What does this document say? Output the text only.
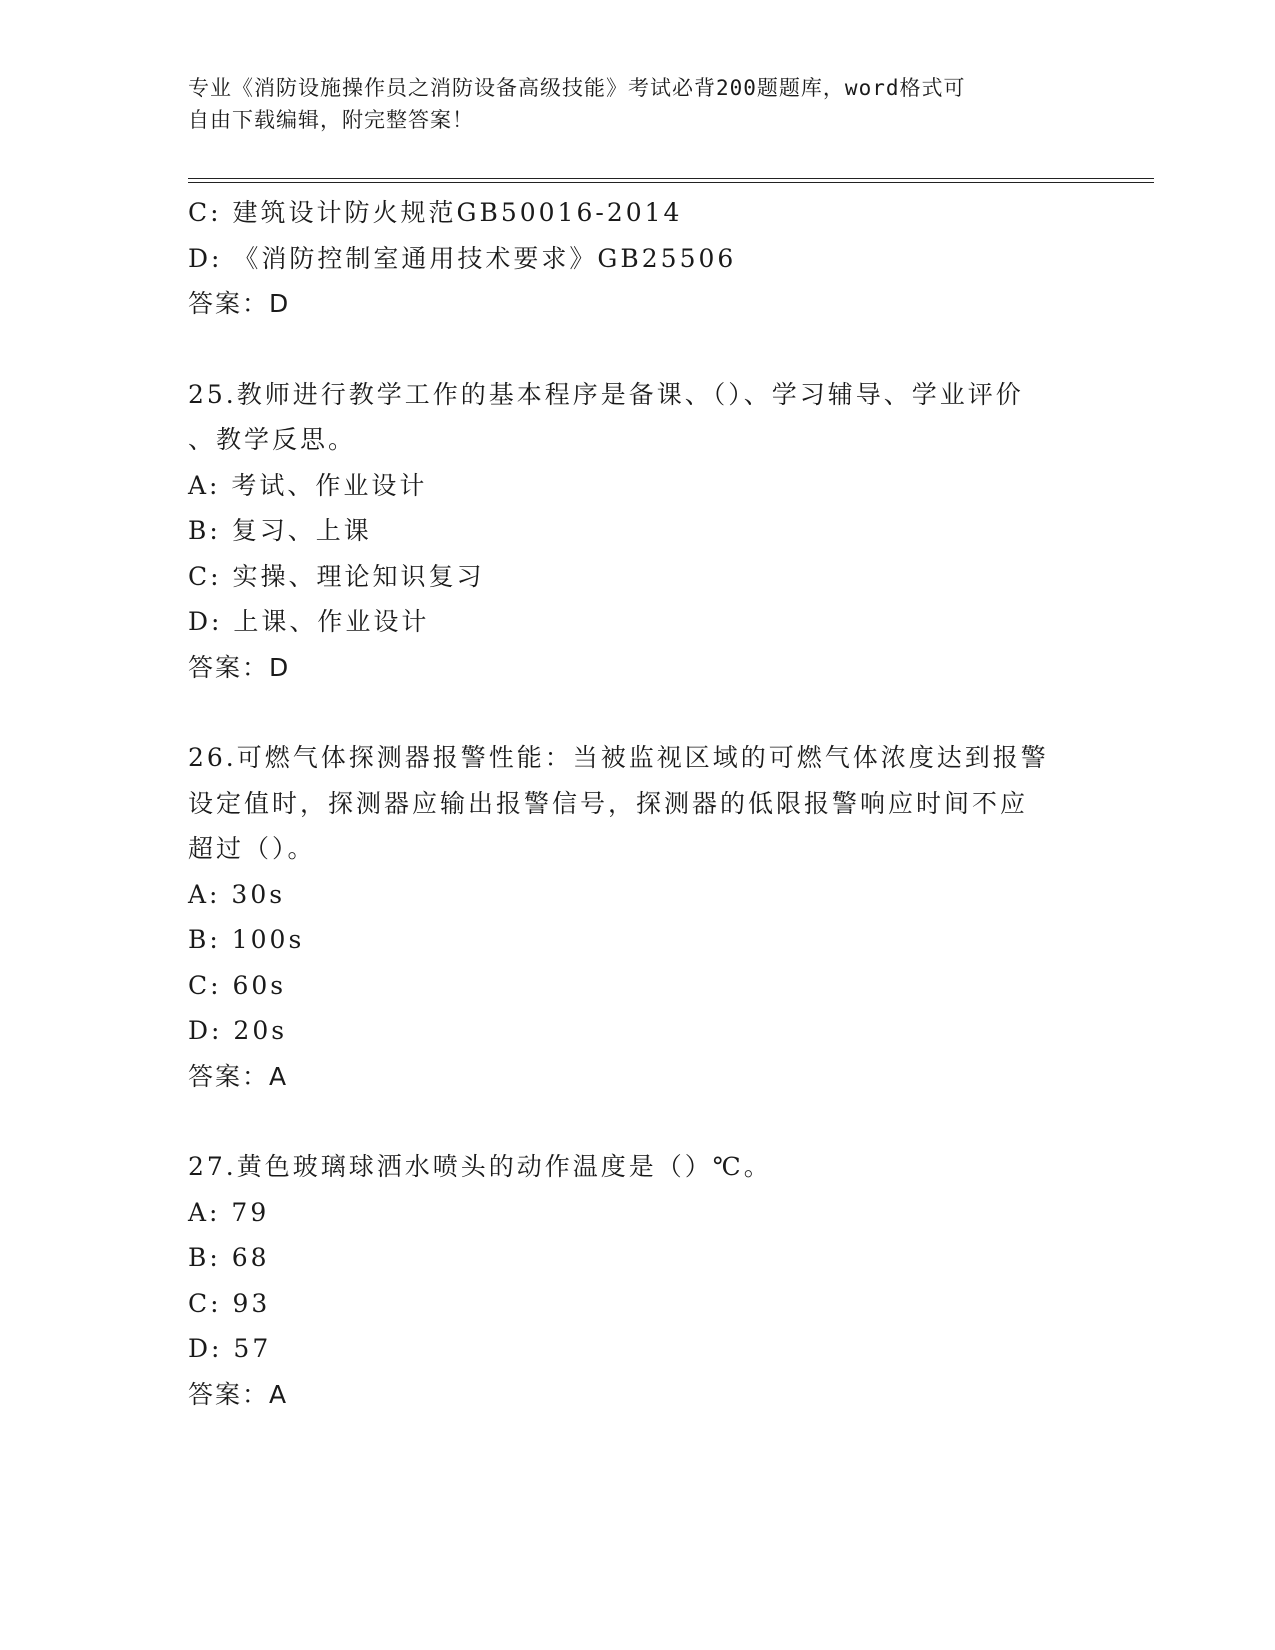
专业《消防设施操作员之消防设备高级技能》考试必背200题题库，word格式可
自由下载编辑，附完整答案！
C: 建筑设计防火规范GB50016-2014
D: 《消防控制室通用技术要求》GB25506
答案：D
25.教师进行教学工作的基本程序是备课、（）、学习辅导、学业评价
、教学反思。
A: 考试、作业设计
B: 复习、上课
C: 实操、理论知识复习
D: 上课、作业设计
答案：D
26.可燃气体探测器报警性能：当被监视区域的可燃气体浓度达到报警
设定值时，探测器应输出报警信号，探测器的低限报警响应时间不应
超过（）。
A: 30s
B: 100s
C: 60s
D: 20s
答案：A
27.黄色玻璃球洒水喷头的动作温度是（）℃。
A: 79
B: 68
C: 93
D: 57
答案：A
